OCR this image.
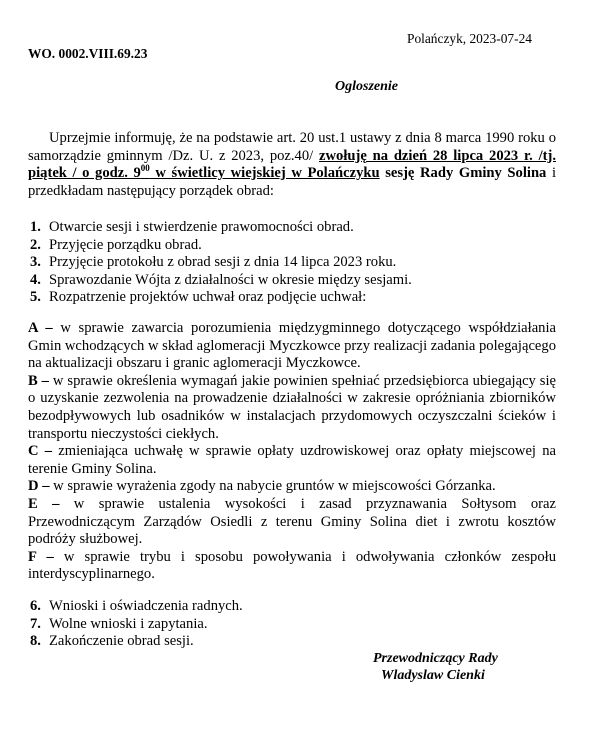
Polańczyk, 2023-07-24
WO. 0002.VIII.69.23
Ogloszenie
Uprzejmie informuję, że na podstawie art. 20 ust.1 ustawy z dnia 8 marca 1990 roku o samorządzie gminnym /Dz. U. z 2023, poz.40/ zwołuję na dzień 28 lipca 2023 r. /tj. piątek / o godz. $9^{00}$ w świetlicy wiejskiej w Polańczyku sesję Rady Gminy Solina i przedkładam następujący porządek obrad:
1. Otwarcie sesji i stwierdzenie prawomocności obrad.
2. Przyjęcie porządku obrad.
3. Przyjęcie protokołu z obrad sesji z dnia 14 lipca 2023 roku.
4. Sprawozdanie Wójta z działalności w okresie między sesjami.
5. Rozpatrzenie projektów uchwał oraz podjęcie uchwał:

A – w sprawie zawarcia porozumienia międzygminnego dotyczącego współdziałania Gmin wchodzących w skład aglomeracji Myczkowce przy realizacji zadania polegającego na aktualizacji obszaru i granic aglomeracji Myczkowce.

B – w sprawie określenia wymagań jakie powinien spełniać przedsiębiorca ubiegający się o uzyskanie zezwolenia na prowadzenie działalności w zakresie opróżniania zbiorników bezodpływowych lub osadników w instalacjach przydomowych oczyszczalni ścieków i transportu nieczystości ciekłych.

C – zmieniająca uchwałę w sprawie opłaty uzdrowiskowej oraz opłaty miejscowej na terenie Gminy Solina.

D – w sprawie wyrażenia zgody na nabycie gruntów w miejscowości Górzanka.

E – w sprawie ustalenia wysokości i zasad przyznawania Sołtysom oraz Przewodniczącym Zarządów Osiedli z terenu Gminy Solina diet i zwrotu kosztów podróży służbowej.

F – w sprawie trybu i sposobu powoływania i odwoływania członków zespołu interdyscyplinarnego.

6. Wnioski i oświadczenia radnych.
7. Wolne wnioski i zapytania.
8. Zakończenie obrad sesji.
Przewodniczący Rady
Wladyslaw Cienki
